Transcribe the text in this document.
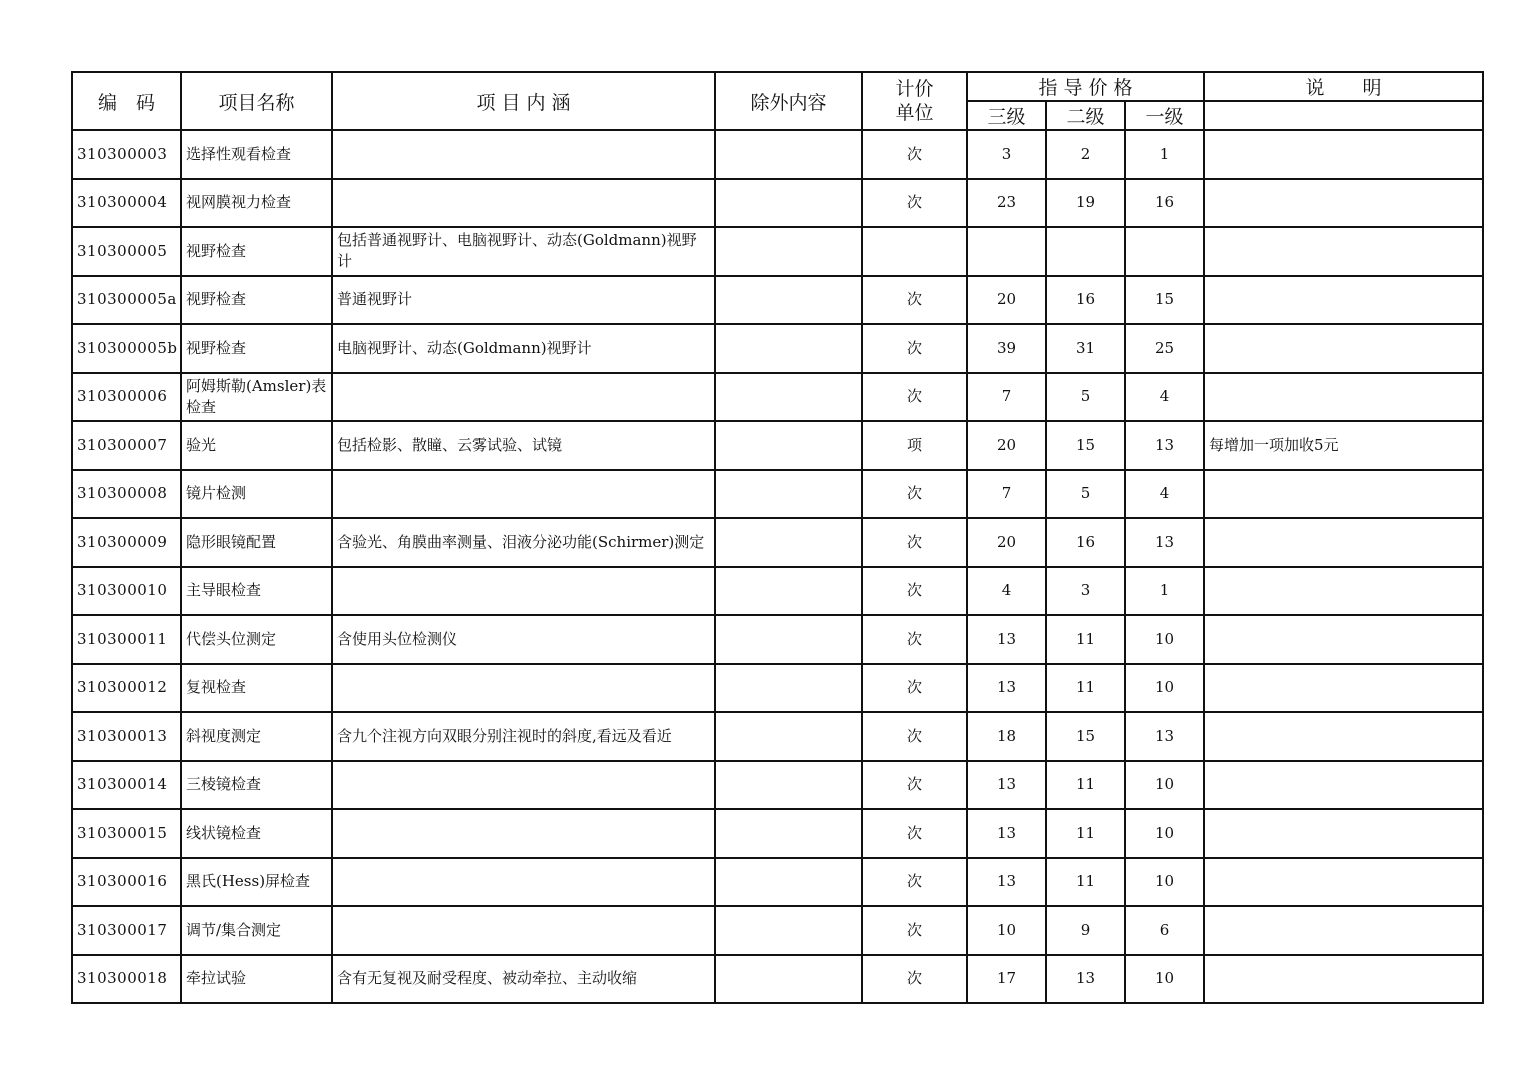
编　码	项目名称	项 目 内 涵	除外内容	计价单位	指 导 价 格			说　　明
					三级	二级	一级	
310300003	选择性观看检查			次	3	2	1	
310300004	视网膜视力检查			次	23	19	16	
310300005	视野检查	包括普通视野计、电脑视野计、动态(Goldmann)视野计						
310300005a	视野检查	普通视野计		次	20	16	15	
310300005b	视野检查	电脑视野计、动态(Goldmann)视野计		次	39	31	25	
310300006	阿姆斯勒(Amsler)表检查			次	7	5	4	
310300007	验光	包括检影、散瞳、云雾试验、试镜		项	20	15	13	每增加一项加收5元
310300008	镜片检测			次	7	5	4	
310300009	隐形眼镜配置	含验光、角膜曲率测量、泪液分泌功能(Schirmer)测定		次	20	16	13	
310300010	主导眼检查			次	4	3	1	
310300011	代偿头位测定	含使用头位检测仪		次	13	11	10	
310300012	复视检查			次	13	11	10	
310300013	斜视度测定	含九个注视方向双眼分别注视时的斜度,看远及看近		次	18	15	13	
310300014	三棱镜检查			次	13	11	10	
310300015	线状镜检查			次	13	11	10	
310300016	黑氏(Hess)屏检查			次	13	11	10	
310300017	调节/集合测定			次	10	9	6	
310300018	牵拉试验	含有无复视及耐受程度、被动牵拉、主动收缩		次	17	13	10	
